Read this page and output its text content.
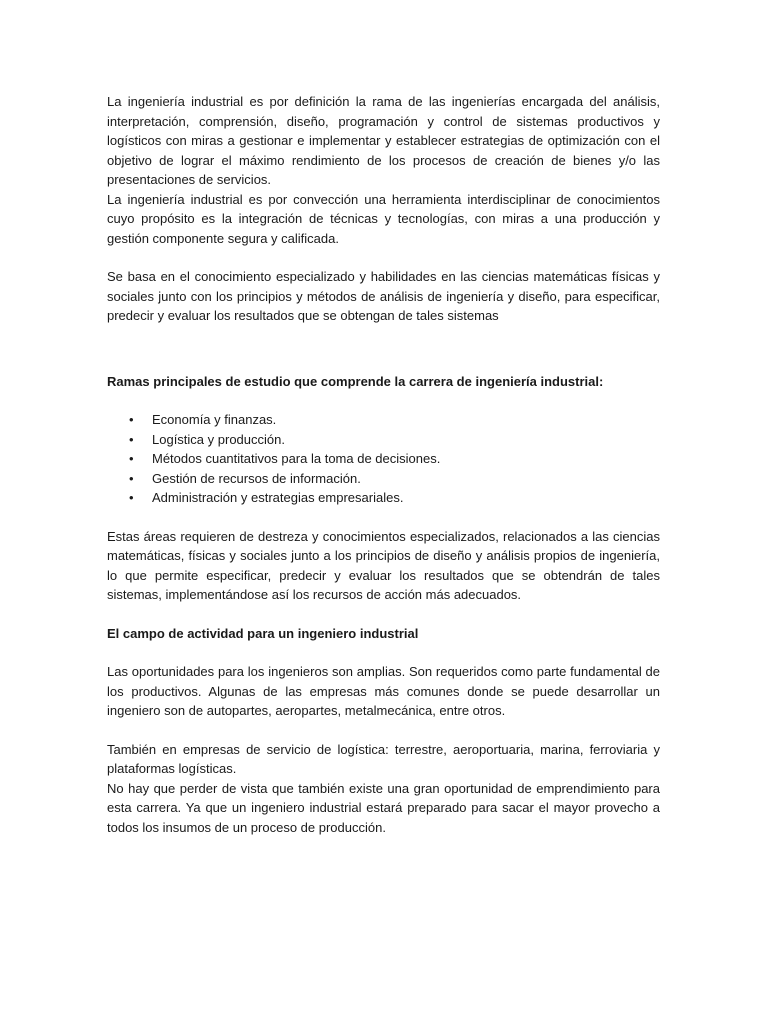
La ingeniería industrial es por definición la rama de las ingenierías encargada del análisis, interpretación, comprensión, diseño, programación y control de sistemas productivos y logísticos con miras a gestionar e implementar y establecer estrategias de optimización con el objetivo de lograr el máximo rendimiento de los procesos de creación de bienes y/o las presentaciones de servicios.

La ingeniería industrial es por convección una herramienta interdisciplinar de conocimientos cuyo propósito es la integración de técnicas y tecnologías, con miras a una producción y gestión componente segura y calificada.

Se basa en el conocimiento especializado y habilidades en las ciencias matemáticas físicas y sociales junto con los principios y métodos de análisis de ingeniería y diseño, para especificar, predecir y evaluar los resultados que se obtengan de tales sistemas

Ramas principales de estudio que comprende la carrera de ingeniería industrial:

• Economía y finanzas.
• Logística y producción.
• Métodos cuantitativos para la toma de decisiones.
• Gestión de recursos de información.
• Administración y estrategias empresariales.

Estas áreas requieren de destreza y conocimientos especializados, relacionados a las ciencias matemáticas, físicas y sociales junto a los principios de diseño y análisis propios de ingeniería, lo que permite especificar, predecir y evaluar los resultados que se obtendrán de tales sistemas, implementándose así los recursos de acción más adecuados.

El campo de actividad para un ingeniero industrial

Las oportunidades para los ingenieros son amplias. Son requeridos como parte fundamental de los productivos. Algunas de las empresas más comunes donde se puede desarrollar un ingeniero son de autopartes, aeropartes, metalmecánica, entre otros.

También en empresas de servicio de logística: terrestre, aeroportuaria, marina, ferroviaria y plataformas logísticas.

No hay que perder de vista que también existe una gran oportunidad de emprendimiento para esta carrera. Ya que un ingeniero industrial estará preparado para sacar el mayor provecho a todos los insumos de un proceso de producción.
